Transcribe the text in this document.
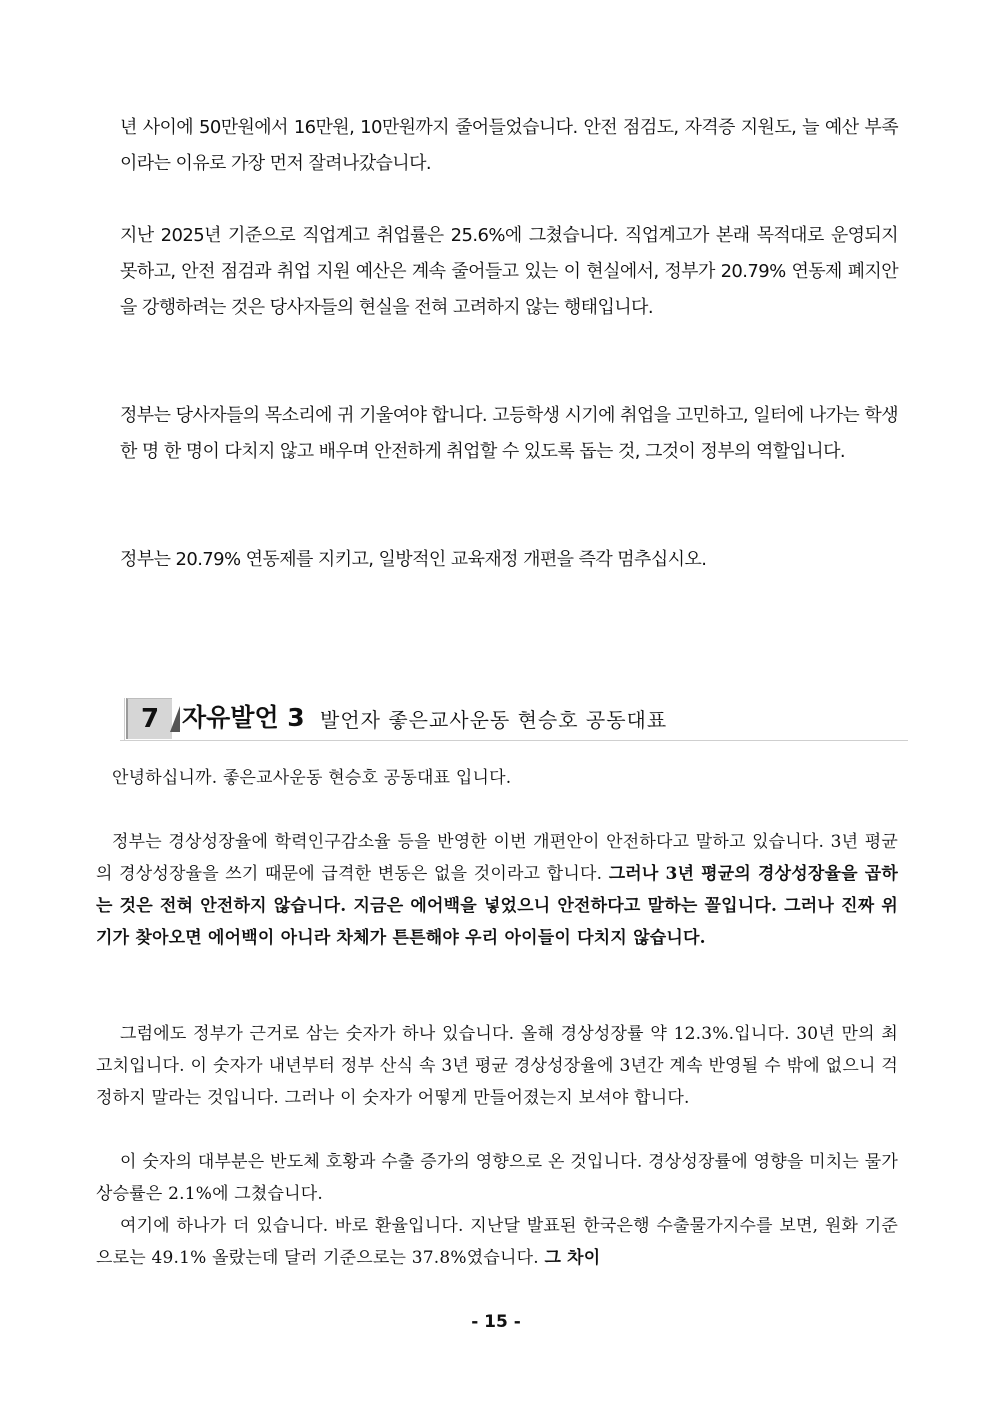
년 사이에 50만원에서 16만원, 10만원까지 줄어들었습니다. 안전 점검도, 자격증 지원도, 늘 예산 부족이라는 이유로 가장 먼저 잘려나갔습니다.

지난 2025년 기준으로 직업계고 취업률은 25.6%에 그쳤습니다. 직업계고가 본래 목적대로 운영되지 못하고, 안전 점검과 취업 지원 예산은 계속 줄어들고 있는 이 현실에서, 정부가 20.79% 연동제 폐지안을 강행하려는 것은 당사자들의 현실을 전혀 고려하지 않는 행태입니다.

정부는 당사자들의 목소리에 귀 기울여야 합니다. 고등학생 시기에 취업을 고민하고, 일터에 나가는 학생 한 명 한 명이 다치지 않고 배우며 안전하게 취업할 수 있도록 돕는 것, 그것이 정부의 역할입니다.

정부는 20.79% 연동제를 지키고, 일방적인 교육재정 개편을 즉각 멈추십시오.

7 자유발언 3 발언자 좋은교사운동 현승호 공동대표

안녕하십니까. 좋은교사운동 현승호 공동대표 입니다.

정부는 경상성장율에 학력인구감소율 등을 반영한 이번 개편안이 안전하다고 말하고 있습니다. 3년 평균의 경상성장율을 쓰기 때문에 급격한 변동은 없을 것이라고 합니다. 그러나 3년 평균의 경상성장율을 곱하는 것은 전혀 안전하지 않습니다. 지금은 에어백을 넣었으니 안전하다고 말하는 꼴입니다. 그러나 진짜 위기가 찾아오면 에어백이 아니라 차체가 튼튼해야 우리 아이들이 다치지 않습니다.

그럼에도 정부가 근거로 삼는 숫자가 하나 있습니다. 올해 경상성장률 약 12.3%.입니다. 30년 만의 최고치입니다. 이 숫자가 내년부터 정부 산식 속 3년 평균 경상성장율에 3년간 계속 반영될 수 밖에 없으니 걱정하지 말라는 것입니다. 그러나 이 숫자가 어떻게 만들어졌는지 보셔야 합니다.

이 숫자의 대부분은 반도체 호황과 수출 증가의 영향으로 온 것입니다. 경상성장률에 영향을 미치는 물가상승률은 2.1%에 그쳤습니다.

여기에 하나가 더 있습니다. 바로 환율입니다. 지난달 발표된 한국은행 수출물가지수를 보면, 원화 기준으로는 49.1% 올랐는데 달러 기준으로는 37.8%였습니다. 그 차이

- 15 -
